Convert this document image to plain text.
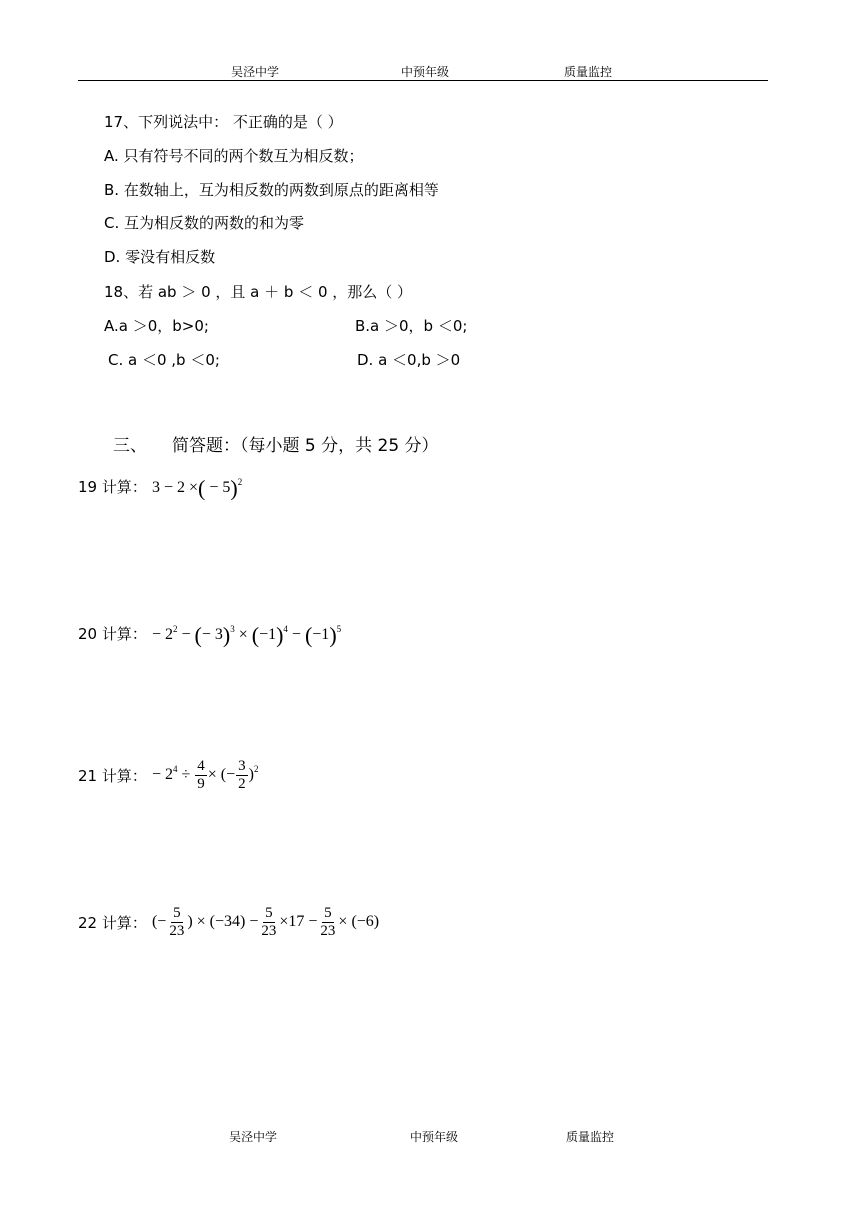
吴泾中学	中预年级	质量监控
17、下列说法中： 不正确的是（ ）
A. 只有符号不同的两个数互为相反数；
B. 在数轴上，互为相反数的两数到原点的距离相等
C. 互为相反数的两数的和为零
D. 零没有相反数
18、若 ab ＞ 0 ，且 a ＋ b ＜ 0 ，那么（ ）
A.a ＞0，b>0;	B.a ＞0，b ＜0;
C. a ＜0 ,b ＜0;	D. a ＜0,b ＞0
三、 简答题：（每小题 5 分，共 25 分）
19 计算： 3 − 2 ×( − 5)$^2$
20 计算： − $2^2$ − (− $3)^3 \times (-1)^4 - (-1)^5$
21 计算： − $2^4 \div \frac{4}{9}$ × (− $\frac{3}{2} )^2$
22 计算： (− $\frac{5}{23}$ ) × $(-34) - \frac{5}{23} \times 17 - \frac{5}{23} \times (-6)$
吴泾中学	中预年级	质量监控
